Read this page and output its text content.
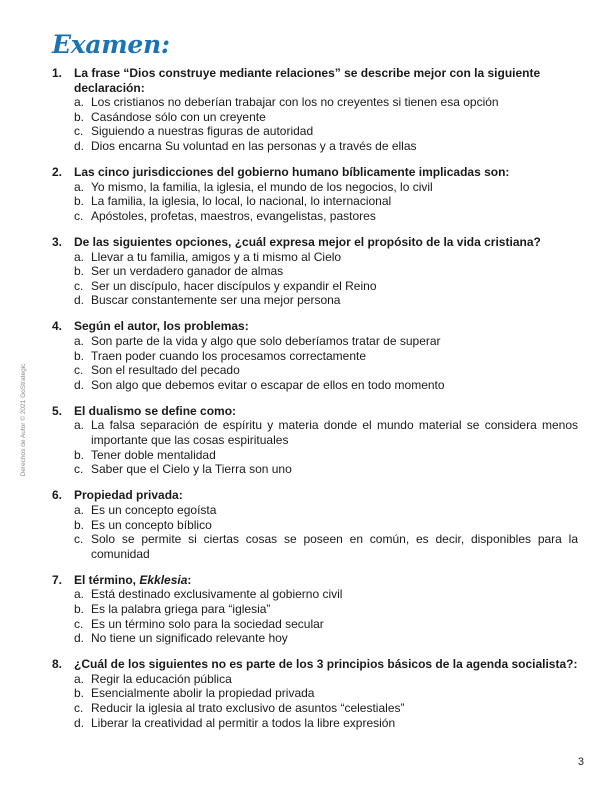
Examen:
Derechos de Autor © 2021 GoStrategic
1. La frase “Dios construye mediante relaciones” se describe mejor con la siguiente declaración:
a. Los cristianos no deberían trabajar con los no creyentes si tienen esa opción
b. Casándose sólo con un creyente
c. Siguiendo a nuestras figuras de autoridad
d. Dios encarna Su voluntad en las personas y a través de ellas
2. Las cinco jurisdicciones del gobierno humano bíblicamente implicadas son:
a. Yo mismo, la familia, la iglesia, el mundo de los negocios, lo civil
b. La familia, la iglesia, lo local, lo nacional, lo internacional
c. Apóstoles, profetas, maestros, evangelistas, pastores
3. De las siguientes opciones, ¿cuál expresa mejor el propósito de la vida cristiana?
a. Llevar a tu familia, amigos y a ti mismo al Cielo
b. Ser un verdadero ganador de almas
c. Ser un discípulo, hacer discípulos y expandir el Reino
d. Buscar constantemente ser una mejor persona
4. Según el autor, los problemas:
a. Son parte de la vida y algo que solo deberíamos tratar de superar
b. Traen poder cuando los procesamos correctamente
c. Son el resultado del pecado
d. Son algo que debemos evitar o escapar de ellos en todo momento
5. El dualismo se define como:
a. La falsa separación de espíritu y materia donde el mundo material se considera menos importante que las cosas espirituales
b. Tener doble mentalidad
c. Saber que el Cielo y la Tierra son uno
6. Propiedad privada:
a. Es un concepto egoísta
b. Es un concepto bíblico
c. Solo se permite si ciertas cosas se poseen en común, es decir, disponibles para la comunidad
7. El término, Ekklesia:
a. Está destinado exclusivamente al gobierno civil
b. Es la palabra griega para “iglesia”
c. Es un término solo para la sociedad secular
d. No tiene un significado relevante hoy
8. ¿Cuál de los siguientes no es parte de los 3 principios básicos de la agenda socialista?:
a. Regir la educación pública
b. Esencialmente abolir la propiedad privada
c. Reducir la iglesia al trato exclusivo de asuntos “celestiales”
d. Liberar la creatividad al permitir a todos la libre expresión
3
